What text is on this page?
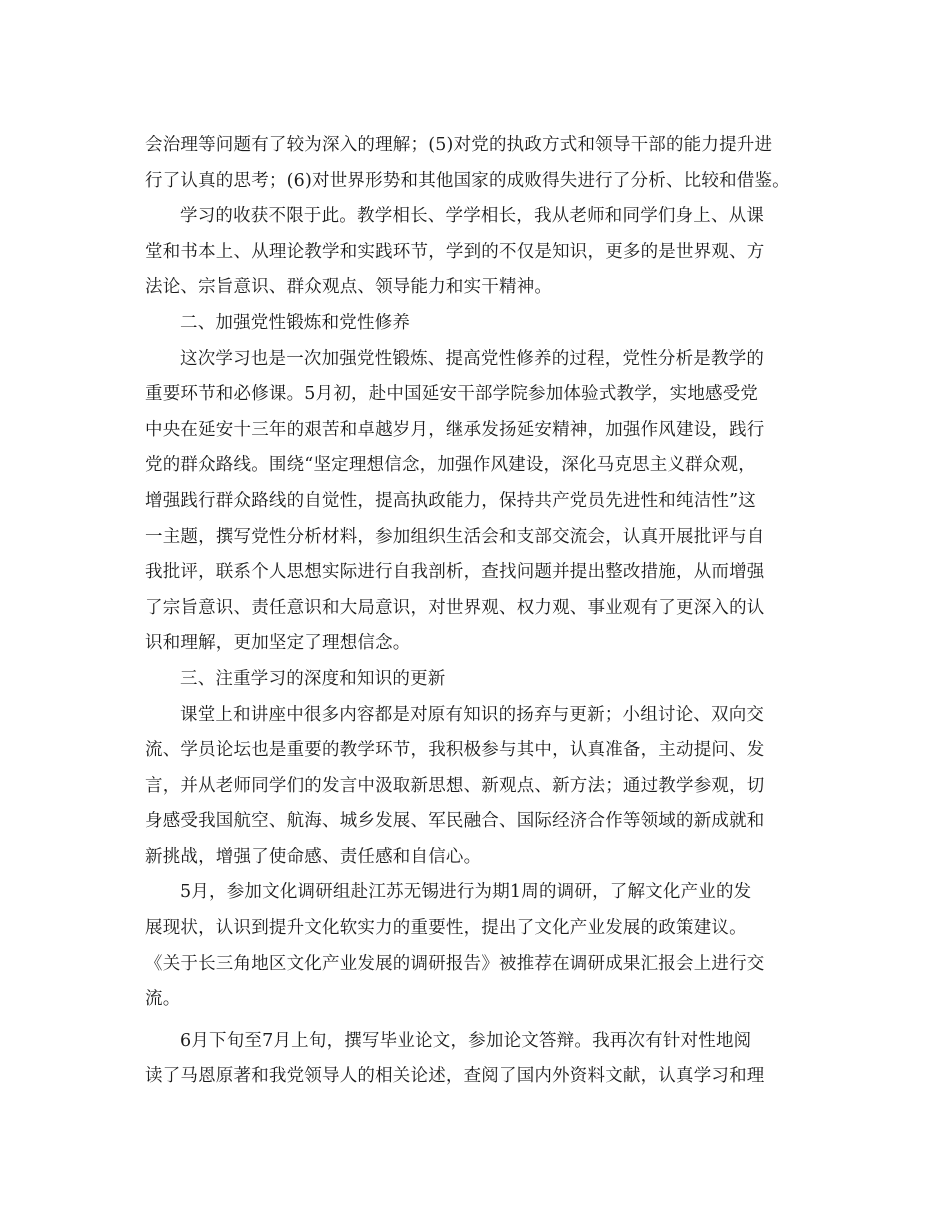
会治理等问题有了较为深入的理解；(5)对党的执政方式和领导干部的能力提升进
行了认真的思考；(6)对世界形势和其他国家的成败得失进行了分析、比较和借鉴。
学习的收获不限于此。教学相长、学学相长，我从老师和同学们身上、从课
堂和书本上、从理论教学和实践环节，学到的不仅是知识，更多的是世界观、方
法论、宗旨意识、群众观点、领导能力和实干精神。
二、加强党性锻炼和党性修养
这次学习也是一次加强党性锻炼、提高党性修养的过程，党性分析是教学的
重要环节和必修课。5月初，赴中国延安干部学院参加体验式教学，实地感受党
中央在延安十三年的艰苦和卓越岁月，继承发扬延安精神，加强作风建设，践行
党的群众路线。围绕“坚定理想信念，加强作风建设，深化马克思主义群众观，
增强践行群众路线的自觉性，提高执政能力，保持共产党员先进性和纯洁性”这
一主题，撰写党性分析材料，参加组织生活会和支部交流会，认真开展批评与自
我批评，联系个人思想实际进行自我剖析，查找问题并提出整改措施，从而增强
了宗旨意识、责任意识和大局意识，对世界观、权力观、事业观有了更深入的认
识和理解，更加坚定了理想信念。
三、注重学习的深度和知识的更新
课堂上和讲座中很多内容都是对原有知识的扬弃与更新；小组讨论、双向交
流、学员论坛也是重要的教学环节，我积极参与其中，认真准备，主动提问、发
言，并从老师同学们的发言中汲取新思想、新观点、新方法；通过教学参观，切
身感受我国航空、航海、城乡发展、军民融合、国际经济合作等领域的新成就和
新挑战，增强了使命感、责任感和自信心。
5月，参加文化调研组赴江苏无锡进行为期1周的调研，了解文化产业的发
展现状，认识到提升文化软实力的重要性，提出了文化产业发展的政策建议。
《关于长三角地区文化产业发展的调研报告》被推荐在调研成果汇报会上进行交
流。
6月下旬至7月上旬，撰写毕业论文，参加论文答辩。我再次有针对性地阅
读了马恩原著和我党领导人的相关论述，查阅了国内外资料文献，认真学习和理
